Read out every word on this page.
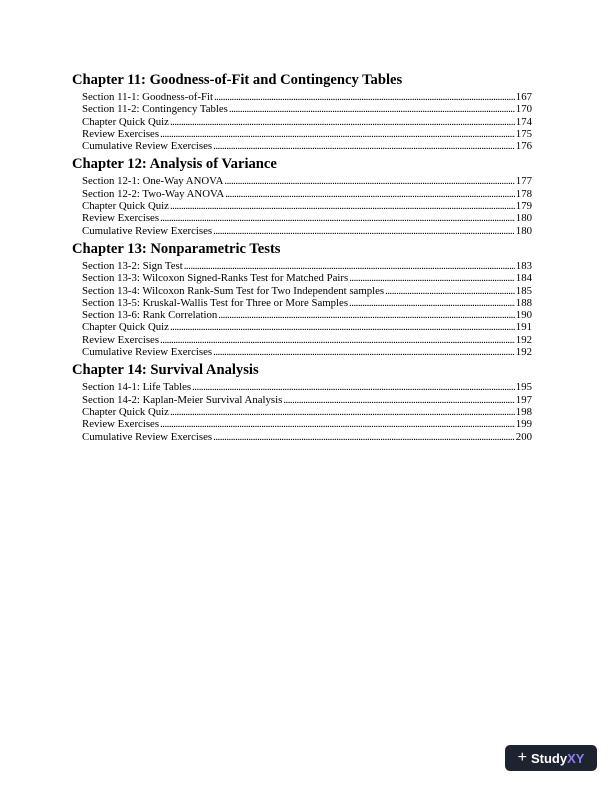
Chapter 11: Goodness-of-Fit and Contingency Tables
Section 11-1: Goodness-of-Fit . . .	167
Section 11-2: Contingency Tables . . .	170
Chapter Quick Quiz . . .	174
Review Exercises . . .	175
Cumulative Review Exercises . . .	176
Chapter 12: Analysis of Variance
Section 12-1: One-Way ANOVA . . .	177
Section 12-2: Two-Way ANOVA . . .	178
Chapter Quick Quiz . . .	179
Review Exercises . . .	180
Cumulative Review Exercises . . .	180
Chapter 13: Nonparametric Tests
Section 13-2: Sign Test . . .	183
Section 13-3: Wilcoxon Signed-Ranks Test for Matched Pairs . . .	184
Section 13-4: Wilcoxon Rank-Sum Test for Two Independent samples . . .	185
Section 13-5: Kruskal-Wallis Test for Three or More Samples . . .	188
Section 13-6: Rank Correlation . . .	190
Chapter Quick Quiz . . .	191
Review Exercises . . .	192
Cumulative Review Exercises . . .	192
Chapter 14: Survival Analysis
Section 14-1: Life Tables . . .	195
Section 14-2: Kaplan-Meier Survival Analysis . . .	197
Chapter Quick Quiz . . .	198
Review Exercises . . .	199
Cumulative Review Exercises . . .	200
+ StudyXY
